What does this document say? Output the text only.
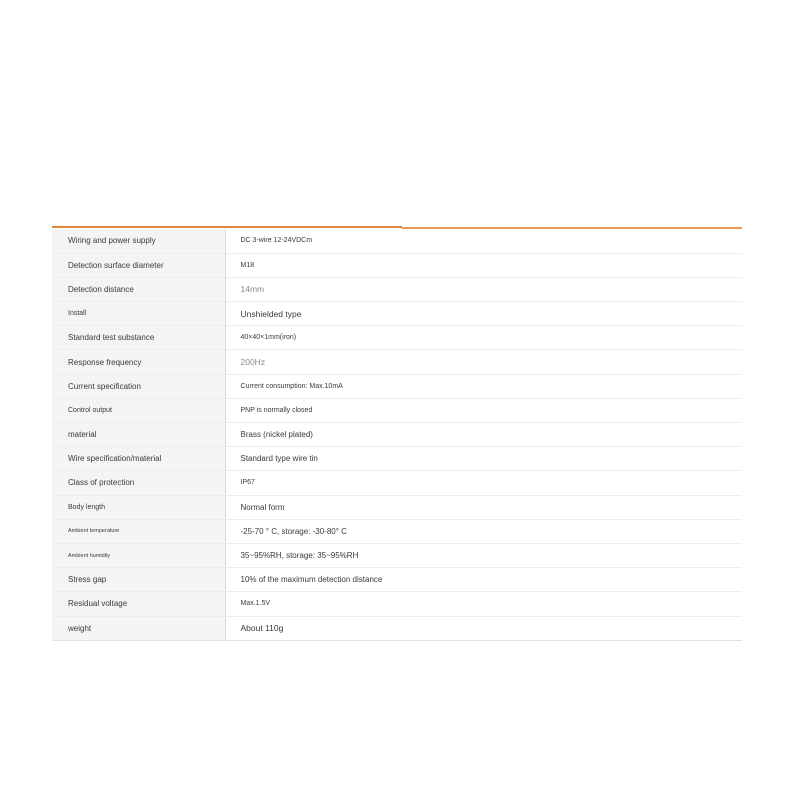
Wiring and power supply	DC 3-wire 12-24VDCm
Detection surface diameter	M18
Detection distance	14mm
Install	Unshielded type
Standard test substance	40×40×1mm(iron)
Response frequency	200Hz
Current specification	Current consumption: Max.10mA
Control output	PNP is normally closed
material	Brass (nickel plated)
Wire specification/material	Standard type wire tin
Class of protection	IP67
Body length	Normal form
Ambient temperature	-25-70 ° C, storage: -30-80° C
Ambient humidity	35~95%RH, storage: 35~95%RH
Stress gap	10% of the maximum detection distance
Residual voltage	Max.1.5V
weight	About 110g
